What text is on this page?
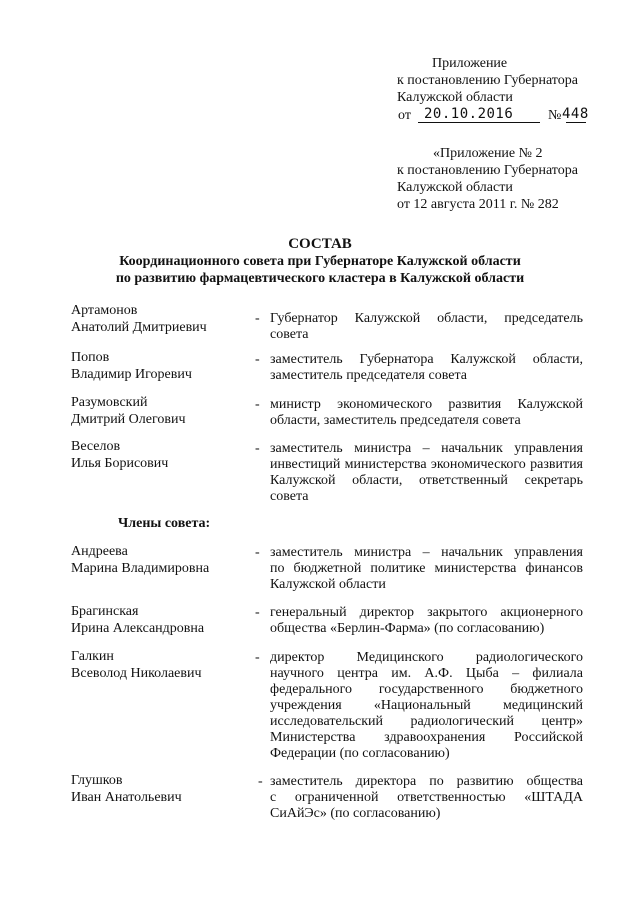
Приложение
к постановлению Губернатора
Калужской области
от 20.10.2016 № 448
«Приложение № 2
к постановлению Губернатора
Калужской области
от 12 августа 2011 г. № 282
СОСТАВ
Координационного совета при Губернаторе Калужской области
по развитию фармацевтического кластера в Калужской области
Артамонов
Анатолий Дмитриевич
- Губернатор Калужской области, председатель
совета
Попов
Владимир Игоревич
- заместитель Губернатора Калужской области,
заместитель председателя совета
Разумовский
Дмитрий Олегович
- министр экономического развития Калужской
области, заместитель председателя совета
Веселов
Илья Борисович
- заместитель министра – начальник управления
инвестиций министерства экономического развития
Калужской области, ответственный секретарь
совета
Члены совета:
Андреева
Марина Владимировна
- заместитель министра – начальник управления
по бюджетной политике министерства финансов
Калужской области
Брагинская
Ирина Александровна
- генеральный директор закрытого акционерного
общества «Берлин-Фарма» (по согласованию)
Галкин
Всеволод Николаевич
- директор Медицинского радиологического
научного центра им. А.Ф. Цыба – филиала
федерального государственного бюджетного
учреждения «Национальный медицинский
исследовательский радиологический центр»
Министерства здравоохранения Российской
Федерации (по согласованию)
Глушков
Иван Анатольевич
- заместитель директора по развитию общества
с ограниченной ответственностью «ШТАДА
СиАйЭс» (по согласованию)
